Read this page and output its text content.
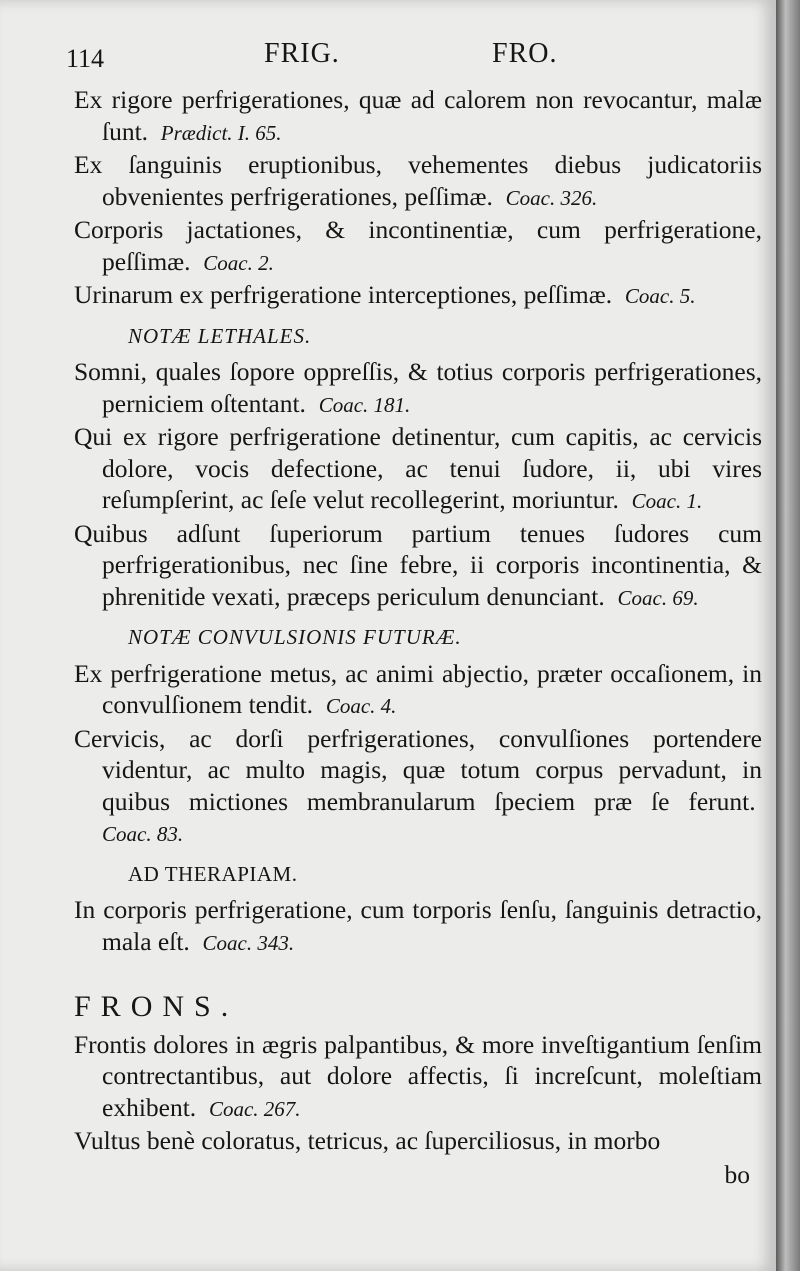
114	FRIG.	FRO.

Ex rigore perfrigerationes, quæ ad calorem non revocantur, malæ ſunt. Prædict. I. 65.

Ex ſanguinis eruptionibus, vehementes diebus judicatoriis obvenientes perfrigerationes, peſſimæ. Coac. 326.

Corporis jactationes, & incontinentiæ, cum perfrigeratione, peſſimæ. Coac. 2.

Urinarum ex perfrigeratione interceptiones, peſſimæ. Coac. 5.

NOTÆ LETHALES.

Somni, quales ſopore oppreſſis, & totius corporis perfrigerationes, perniciem oſtentant. Coac. 181.

Qui ex rigore perfrigeratione detinentur, cum capitis, ac cervicis dolore, vocis defectione, ac tenui ſudore, ii, ubi vires reſumpſerint, ac ſeſe velut recollegerint, moriuntur. Coac. 1.

Quibus adſunt ſuperiorum partium tenues ſudores cum perfrigerationibus, nec ſine febre, ii corporis incontinentia, & phrenitide vexati, præceps periculum denunciant. Coac. 69.

NOTÆ CONVULSIONIS FUTURÆ.

Ex perfrigeratione metus, ac animi abjectio, præter occaſionem, in convulſionem tendit. Coac. 4.

Cervicis, ac dorſi perfrigerationes, convulſiones portendere videntur, ac multo magis, quæ totum corpus pervadunt, in quibus mictiones membranularum ſpeciem præ ſe ferunt.  Coac. 83.

AD THERAPIAM.

In corporis perfrigeratione, cum torporis ſenſu, ſanguinis detractio, mala eſt. Coac. 343.

FRONS.

Frontis dolores in ægris palpantibus, & more inveſtigantium ſenſim contrectantibus, aut dolore affectis, ſi increſcunt, moleſtiam exhibent. Coac. 267.

Vultus benè coloratus, tetricus, ac ſuperciliosus, in morbo

bo
